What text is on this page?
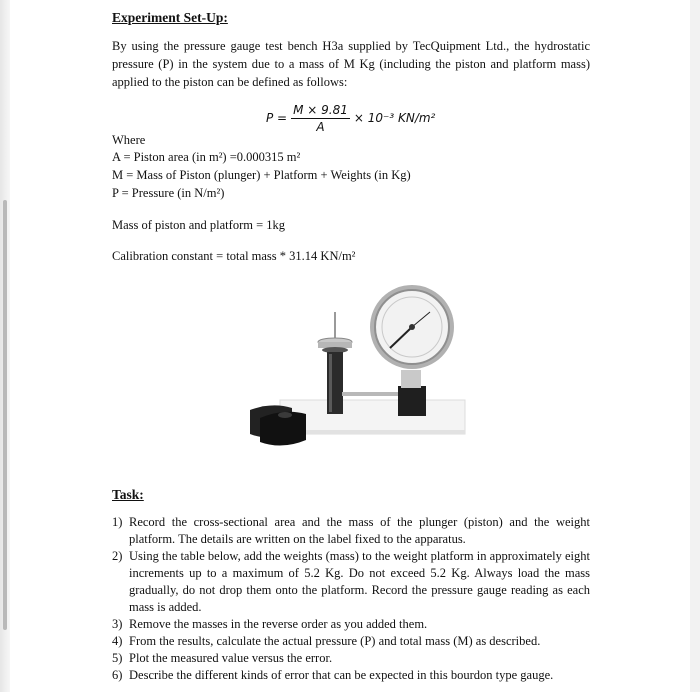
Experiment Set-Up:

By using the pressure gauge test bench H3a supplied by TecQuipment Ltd., the hydrostatic pressure (P) in the system due to a mass of M Kg (including the piston and platform mass) applied to the piston can be defined as follows:

$P = \frac{M \times 9.81}{A} \times 10^{-3}$ KN/m²
Where
A = Piston area (in m²) =0.000315 m²
M = Mass of Piston (plunger) + Platform + Weights (in Kg)
P = Pressure (in N/m²)
Mass of piston and platform = 1kg
Calibration constant = total mass * 31.14 KN/m²
Task:
1) Record the cross-sectional area and the mass of the plunger (piston) and the weight platform. The details are written on the label fixed to the apparatus.
2) Using the table below, add the weights (mass) to the weight platform in approximately eight increments up to a maximum of 5.2 Kg. Do not exceed 5.2 Kg. Always load the mass gradually, do not drop them onto the platform. Record the pressure gauge reading as each mass is added.
3) Remove the masses in the reverse order as you added them.
4) From the results, calculate the actual pressure (P) and total mass (M) as described.
5) Plot the measured value versus the error.
6) Describe the different kinds of error that can be expected in this bourdon type gauge.
